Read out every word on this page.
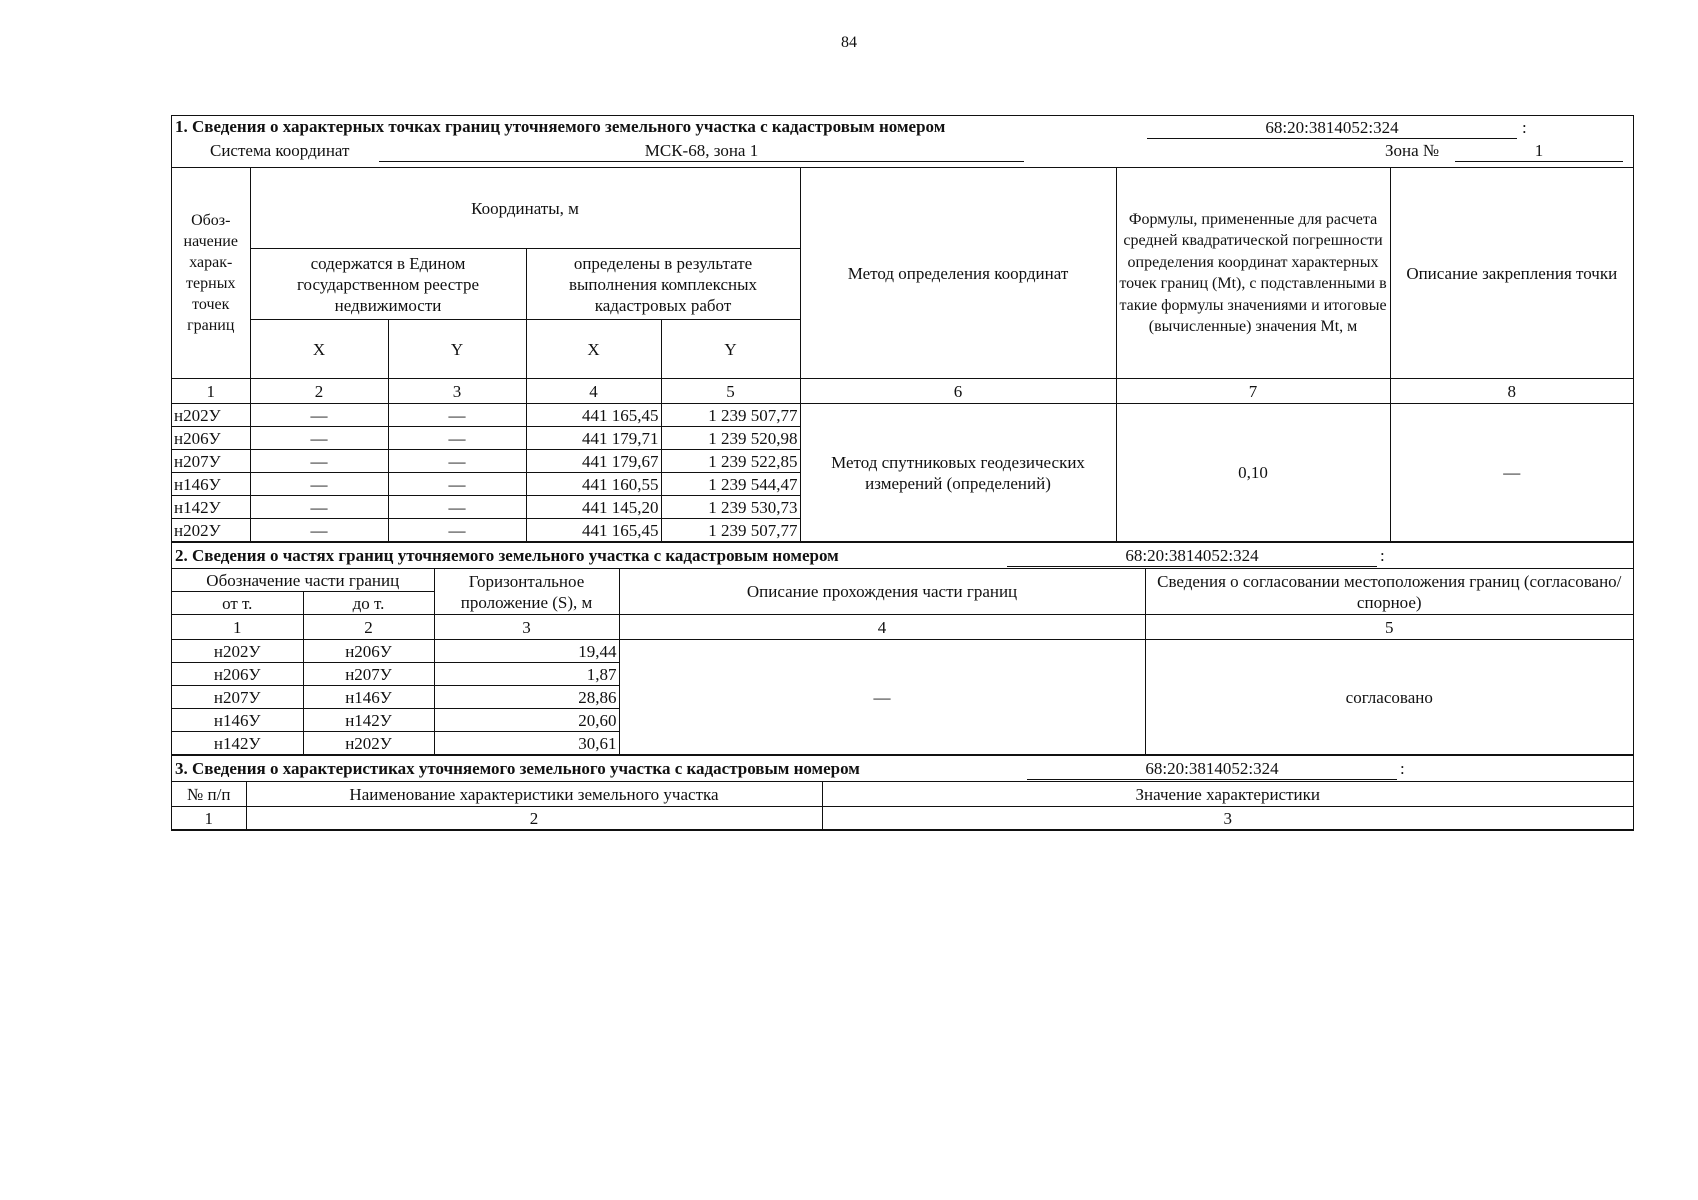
84
1. Сведения о характерных точках границ уточняемого земельного участка с кадастровым номером	68:20:3814052:324	:
Система координат	МСК-68, зона 1	Зона №	1
Обоз-начение харак-терных точек границ	Координаты, м				Метод определения координат	Формулы, примененные для расчета средней квадратической погрешности определения координат характерных точек границ (Mt), с подставленными в такие формулы значениями и итоговые (вычисленные) значения Mt, м	Описание закрепления точки
	содержатся в Едином государственном реестре недвижимости		определены в результате выполнения комплексных кадастровых работ				
	X	Y	X	Y			
1	2	3	4	5	6	7	8
н202У	—	—	441 165,45	1 239 507,77	Метод спутниковых геодезических измерений (определений)	0,10	—
н206У	—	—	441 179,71	1 239 520,98			
н207У	—	—	441 179,67	1 239 522,85			
н146У	—	—	441 160,55	1 239 544,47			
н142У	—	—	441 145,20	1 239 530,73			
н202У	—	—	441 165,45	1 239 507,77			
2. Сведения о частях границ уточняемого земельного участка с кадастровым номером	68:20:3814052:324	:
Обозначение части границ		Горизонтальное проложение (S), м	Описание прохождения части границ	Сведения о согласовании местоположения границ (согласовано/спорное)
от т.	до т.			
1	2	3	4	5
н202У	н206У	19,44	—	согласовано
н206У	н207У	1,87		
н207У	н146У	28,86		
н146У	н142У	20,60		
н142У	н202У	30,61		
3. Сведения о характеристиках уточняемого земельного участка с кадастровым номером	68:20:3814052:324	:
№ п/п	Наименование характеристики земельного участка	Значение характеристики
1	2	3
